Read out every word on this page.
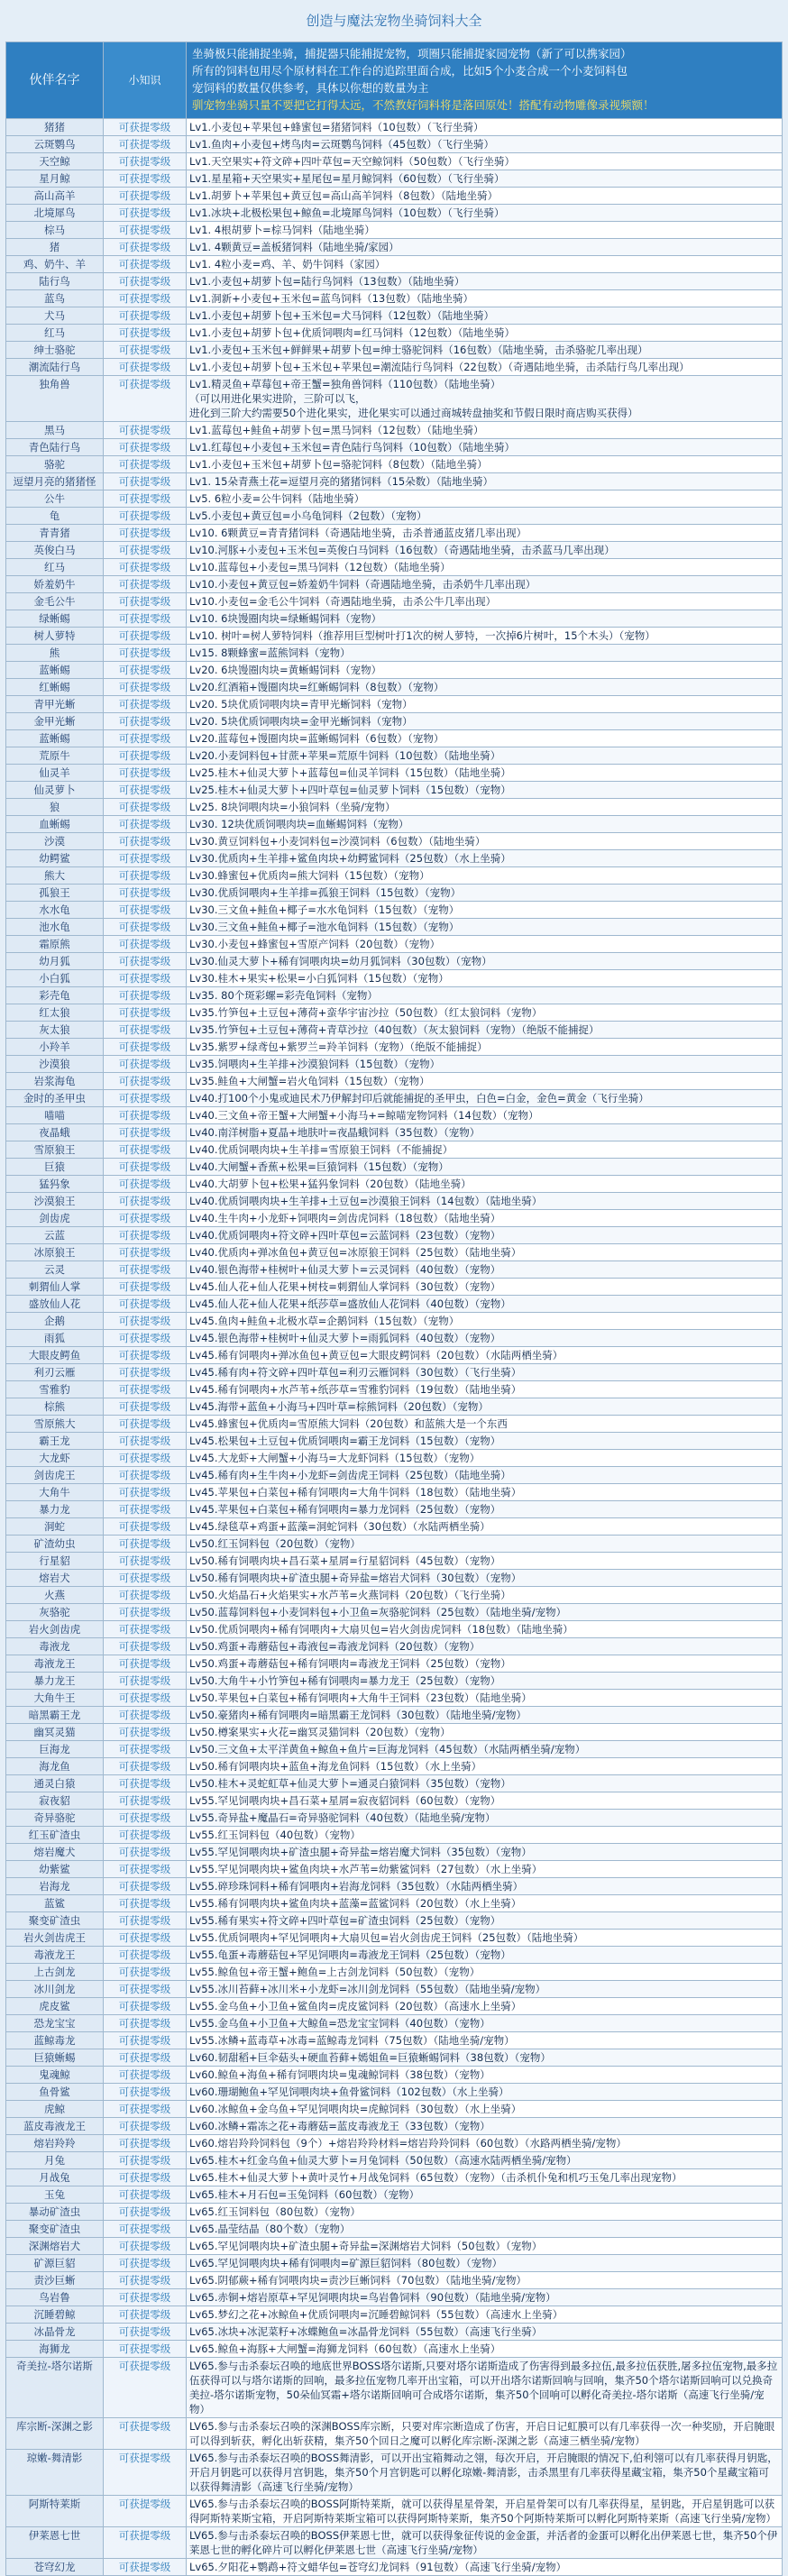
创造与魔法宠物坐骑饲料大全
伙伴名字	小知识
坐骑极只能捕捉坐骑，捕捉器只能捕捉宠物，项圈只能捕捉家园宠物（新了可以携家园）
所有的饲料包用尽个原材料在工作台的追踪里面合成，比如5个小麦合成一个小麦饲料包
宠饲料的数量仅供参考，具体以你想的数量为主
驯宠物坐骑只量不要把它打得太远，不然教好饲料将是落回原处！搭配有动物雕像录视频额！
猪猪	可获提零级	Lv1.小麦包+苹果包+蜂蜜包=猪猪饲料（10包数）（飞行坐骑）
云斑鹦鸟	可获提零级	Lv1.鱼肉+小麦包+烤鸟肉=云斑鹦鸟饲料（45包数）（飞行坐骑）
天空鲸	可获提零级	Lv1.天空果实+符文碎+四叶草包=天空鲸饲料（50包数）（飞行坐骑）
星月鲸	可获提零级	Lv1.星星箱+天空果实+星尾包=星月鲸饲料（60包数）（飞行坐骑）
高山高羊	可获提零级	Lv1.胡萝卜+苹果包+黄豆包=高山高羊饲料（8包数）（陆地坐骑）
北境犀鸟	可获提零级	Lv1.冰块+北极松果包+鲸鱼=北境犀鸟饲料（10包数）（飞行坐骑）
棕马	可获提零级	Lv1. 4根胡萝卜=棕马饲料（陆地坐骑）
猪	可获提零级	Lv1. 4颗黄豆=盖板猪饲料（陆地坐骑/家园）
鸡、奶牛、羊	可获提零级	Lv1. 4粒小麦=鸡、羊、奶牛饲料（家园）
陆行鸟	可获提零级	Lv1.小麦包+胡萝卜包=陆行鸟饲料（13包数）（陆地坐骑）
蓝鸟	可获提零级	Lv1.洞新+小麦包+玉米包=蓝鸟饲料（13包数）（陆地坐骑）
犬马	可获提零级	Lv1.小麦包+胡萝卜包+玉米包=犬马饲料（12包数）（陆地坐骑）
红马	可获提零级	Lv1.小麦包+胡萝卜包+优质饲喂肉=红马饲料（12包数）（陆地坐骑）
绅士骆驼	可获提零级	Lv1.小麦包+玉米包+鲜鲜果+胡萝卜包=绅士骆驼饲料（16包数）（陆地坐骑，击杀骆驼几率出现）
潮流陆行鸟	可获提零级	Lv1.小麦包+胡萝卜包+玉米包+苹果包=潮流陆行鸟饲料（22包数）（奇遇陆地坐骑，击杀陆行鸟几率出现）
独角兽	可获提零级	Lv1.精灵鱼+草莓包+帝王蟹=独角兽饲料（110包数）（陆地坐骑）
（可以用进化果实进阶，三阶可以飞，
进化到三阶大约需要50个进化果实，进化果实可以通过商城转盘抽奖和节假日限时商店购买获得）
黑马	可获提零级	Lv1.蓝莓包+鲑鱼+胡萝卜包=黑马饲料（12包数）（陆地坐骑）
青色陆行鸟	可获提零级	Lv1.红莓包+小麦包+玉米包=青色陆行鸟饲料（10包数）（陆地坐骑）
骆驼	可获提零级	Lv1.小麦包+玉米包+胡萝卜包=骆驼饲料（8包数）（陆地坐骑）
逗望月亮的猪猪怪	可获提零级	Lv1. 15朵青燕土花=逗望月亮的猪猪饲料（15朵数）（陆地坐骑）
公牛	可获提零级	Lv5. 6粒小麦=公牛饲料（陆地坐骑）
龟	可获提零级	Lv5.小麦包+黄豆包=小乌龟饲料（2包数）（宠物）
青青猪	可获提零级	Lv10. 6颗黄豆=青青猪饲料（奇遇陆地坐骑，击杀普通蓝皮猪几率出现）
英俊白马	可获提零级	Lv10.河豚+小麦包+玉米包=英俊白马饲料（16包数）（奇遇陆地坐骑，击杀蓝马几率出现）
红马	可获提零级	Lv10.蓝莓包+小麦包=黑马饲料（12包数）（陆地坐骑）
娇羞奶牛	可获提零级	Lv10.小麦包+黄豆包=娇羞奶牛饲料（奇遇陆地坐骑，击杀奶牛几率出现）
金毛公牛	可获提零级	Lv10.小麦包=金毛公牛饲料（奇遇陆地坐骑，击杀公牛几率出现）
绿蜥蜴	可获提零级	Lv10. 6块馒圈肉块=绿蜥蜴饲料（宠物）
树人萝特	可获提零级	Lv10. 树叶=树人萝特饲料（推荐用巨型树叶打1次的树人萝特，一次掉6片树叶，15个木头）（宠物）
熊	可获提零级	Lv15. 8颗蜂蜜=蓝熊饲料（宠物）
蓝蜥蜴	可获提零级	Lv20. 6块馒圈肉块=黄蜥蜴饲料（宠物）
红蜥蜴	可获提零级	Lv20.红酒箱+馒圈肉块=红蜥蜴饲料（8包数）（宠物）
青甲光蜥	可获提零级	Lv20. 5块优质饲喂肉块=青甲光蜥饲料（宠物）
金甲光蜥	可获提零级	Lv20. 5块优质饲喂肉块=金甲光蜥饲料（宠物）
蓝蜥蜴	可获提零级	Lv20.蓝莓包+馒圈肉块=蓝蜥蜴饲料（6包数）（宠物）
荒原牛	可获提零级	Lv20.小麦饲料包+甘蔗+苹果=荒原牛饲料（10包数）（陆地坐骑）
仙灵羊	可获提零级	Lv25.桂木+仙灵大萝卜+蓝莓包=仙灵羊饲料（15包数）（陆地坐骑）
仙灵萝卜	可获提零级	Lv25.桂木+仙灵大萝卜+四叶草包=仙灵萝卜饲料（15包数）（宠物）
狼	可获提零级	Lv25. 8块饲喂肉块=小狼饲料（坐骑/宠物）
血蜥蜴	可获提零级	Lv30. 12块优质饲喂肉块=血蜥蜴饲料（宠物）
沙漠	可获提零级	Lv30.黄豆饲料包+小麦饲料包=沙漠饲料（6包数）（陆地坐骑）
幼鳄鲨	可获提零级	Lv30.优质肉+生羊排+鲨鱼肉块+幼鳄鲨饲料（25包数）（水上坐骑）
熊大	可获提零级	Lv30.蜂蜜包+优质肉=熊大饲料（15包数）（宠物）
孤狼王	可获提零级	Lv30.优质饲喂肉+生羊排=孤狼王饲料（15包数）（宠物）
水水龟	可获提零级	Lv30.三文鱼+鲑鱼+椰子=水水龟饲料（15包数）（宠物）
池水龟	可获提零级	Lv30.三文鱼+鲑鱼+椰子=池水龟饲料（15包数）（宠物）
霜原熊	可获提零级	Lv30.小麦包+蜂蜜包+雪原产饲料（20包数）（宠物）
幼月狐	可获提零级	Lv30.仙灵大萝卜+稀有饲喂肉块=幼月狐饲料（30包数）（宠物）
小白狐	可获提零级	Lv30.桂木+果实+松果=小白狐饲料（15包数）（宠物）
彩壳龟	可获提零级	Lv35. 80个斑彩螺=彩壳龟饲料（宠物）
红太狼	可获提零级	Lv35.竹笋包+土豆包+薄荷+蛮华宇宙沙拉（50包数）（红太狼饲料（宠物）
灰太狼	可获提零级	Lv35.竹笋包+土豆包+薄荷+青草沙拉（40包数）（灰太狼饲料（宠物）（绝版不能捕捉）
小羚羊	可获提零级	Lv35.紫罗+绿鸢包+紫罗兰=羚羊饲料（宠物）（绝版不能捕捉）
沙漠狼	可获提零级	Lv35.饲喂肉+生羊排+沙漠狼饲料（15包数）（宠物）
岩浆海龟	可获提零级	Lv35.鲑鱼+大闸蟹=岩火龟饲料（15包数）（宠物）
金时的圣甲虫	可获提零级	Lv40.打100个小鬼或迪民术乃伊解封印后就能捕捉的圣甲虫，白色=白金，金色=黄金（飞行坐骑）
喵喵	可获提零级	Lv40.三文鱼+帝王蟹+大闸蟹+小海马+=鲸喵宠物饲料（14包数）（宠物）
夜晶蛾	可获提零级	Lv40.南洋树脂+夏晶+地肤叶=夜晶蛾饲料（35包数）（宠物）
雪原狼王	可获提零级	Lv40.优质饲喂肉块+生羊排=雪原狼王饲料（不能捕捉）
巨猿	可获提零级	Lv40.大闸蟹+香蕉+松果=巨猿饲料（15包数）（宠物）
猛犸象	可获提零级	Lv40.大胡萝卜包+松果+猛犸象饲料（20包数）（陆地坐骑）
沙漠狼王	可获提零级	Lv40.优质饲喂肉块+生羊排+土豆包=沙漠狼王饲料（14包数）（陆地坐骑）
剑齿虎	可获提零级	Lv40.生牛肉+小龙虾+饲喂肉=剑齿虎饲料（18包数）（陆地坐骑）
云蓝	可获提零级	Lv40.优质饲喂肉+符文碎+四叶草包=云蓝饲料（23包数）（宠物）
冰原狼王	可获提零级	Lv40.优质肉+弹冰鱼包+黄豆包=冰原狼王饲料（25包数）（陆地坐骑）
云灵	可获提零级	Lv40.银色海带+桂树叶+仙灵大萝卜=云灵饲料（40包数）（宠物）
刺猬仙人掌	可获提零级	Lv45.仙人花+仙人花果+树枝=刺猬仙人掌饲料（30包数）（宠物）
盛放仙人花	可获提零级	Lv45.仙人花+仙人花果+纸莎草=盛放仙人花饲料（40包数）（宠物）
企鹅	可获提零级	Lv45.鱼肉+鲑鱼+北极水草=企鹅饲料（15包数）（宠物）
雨狐	可获提零级	Lv45.银色海带+桂树叶+仙灵大萝卜=雨狐饲料（40包数）（宠物）
大眼皮鳄鱼	可获提零级	Lv45.稀有饲喂肉+弹冰鱼包+黄豆包=大眼皮鳄饲料（20包数）（水陆两栖坐骑）
利刃云雁	可获提零级	Lv45.稀有肉+符文碎+四叶草包=利刃云雁饲料（30包数）（飞行坐骑）
雪雅豹	可获提零级	Lv45.稀有饲喂肉+水芦苇+纸莎草=雪雅豹饲料（19包数）（陆地坐骑）
棕熊	可获提零级	Lv45.海带+蓝鱼+小海马+四叶草=棕熊饲料（20包数）（宠物）
雪原熊大	可获提零级	Lv45.蜂蜜包+优质肉=雪原熊大饲料（20包数）和蓝熊大是一个东西
霸王龙	可获提零级	Lv45.松果包+土豆包+优质饲喂肉=霸王龙饲料（15包数）（宠物）
大龙虾	可获提零级	Lv45.大龙虾+大闸蟹+小海马=大龙虾饲料（15包数）（宠物）
剑齿虎王	可获提零级	Lv45.稀有肉+生牛肉+小龙虾=剑齿虎王饲料（25包数）（陆地坐骑）
大角牛	可获提零级	Lv45.苹果包+白菜包+稀有饲喂肉=大角牛饲料（18包数）（陆地坐骑）
暴力龙	可获提零级	Lv45.苹果包+白菜包+稀有饲喂肉=暴力龙饲料（25包数）（宠物）
洞蛇	可获提零级	Lv45.绿毯草+鸡蛋+蓝藻=洞蛇饲料（30包数）（水陆两栖坐骑）
矿渣幼虫	可获提零级	Lv50.红玉饲料包（20包数）（宠物）
行星貂	可获提零级	Lv50.稀有饲喂肉块+昌石菜+星屑=行星貂饲料（45包数）（宠物）
熔岩犬	可获提零级	Lv50.稀有饲喂肉块+矿渣虫腿+奇异盐=熔岩犬饲料（30包数）（宠物）
火燕	可获提零级	Lv50.火焰晶石+火焰果实+水芦苇=火燕饲料（20包数）（飞行坐骑）
灰骆驼	可获提零级	Lv50.蓝莓饲料包+小麦饲料包+小卫鱼=灰骆驼饲料（25包数）（陆地坐骑/宠物）
岩火剑齿虎	可获提零级	Lv50.优质饲喂肉+稀有饲喂肉+大扇贝包=岩火剑齿虎饲料（18包数）（陆地坐骑）
毒液龙	可获提零级	Lv50.鸡蛋+毒蘑菇包+毒液包=毒液龙饲料（20包数）（宠物）
毒液龙王	可获提零级	Lv50.鸡蛋+毒蘑菇包+稀有饲喂肉=毒液龙王饲料（25包数）（宠物）
暴力龙王	可获提零级	Lv50.大角牛+小竹笋包+稀有饲喂肉=暴力龙王（25包数）（宠物）
大角牛王	可获提零级	Lv50.苹果包+白菜包+稀有饲喂肉+大角牛王饲料（23包数）（陆地坐骑）
暗黑霸王龙	可获提零级	Lv50.豪猪肉+稀有饲喂肉=暗黑霸王龙饲料（30包数）（陆地坐骑/宠物）
幽冥灵猫	可获提零级	Lv50.樽案果实+火花=幽冥灵猫饲料（20包数）（宠物）
巨海龙	可获提零级	Lv50.三文鱼+太平洋黄鱼+鲸鱼+鱼片=巨海龙饲料（45包数）（水陆两栖坐骑/宠物）
海龙鱼	可获提零级	Lv50.稀有饲喂肉块+蓝鱼+海龙鱼饲料（15包数）（水上坐骑）
通灵白猿	可获提零级	Lv50.桂木+灵蛇虹草+仙灵大萝卜=通灵白猿饲料（35包数）（宠物）
寂夜貂	可获提零级	Lv55.罕见饲喂肉块+昌石菜+星屑=寂夜貂饲料（60包数）（宠物）
奇异骆驼	可获提零级	Lv55.奇异盐+魔晶石=奇异骆驼饲料（40包数）（陆地坐骑/宠物）
红玉矿渣虫	可获提零级	Lv55.红玉饲料包（40包数）（宠物）
熔岩魔犬	可获提零级	Lv55.罕见饲喂肉块+矿渣虫腿+奇异盐=熔岩魔犬饲料（35包数）（宠物）
幼紫鲨	可获提零级	Lv55.罕见饲喂肉块+鲨鱼肉块+水芦苇=幼紫鲨饲料（27包数）（水上坐骑）
岩海龙	可获提零级	Lv55.碎珍珠饲料+稀有饲喂肉+岩海龙饲料（35包数）（水陆两栖坐骑）
蓝鲨	可获提零级	Lv55.稀有饲喂肉块+鲨鱼肉块+蓝藻=蓝鲨饲料（20包数）（水上坐骑）
聚变矿渣虫	可获提零级	Lv55.稀有果实+符文碎+四叶草包=矿渣虫饲料（25包数）（宠物）
岩火剑齿虎王	可获提零级	Lv55.优质饲喂肉+罕见饲喂肉+大扇贝包=岩火剑齿虎王饲料（25包数）（陆地坐骑）
毒液龙王	可获提零级	Lv55.龟蛋+毒蘑菇包+罕见饲喂肉=毒液龙王饲料（25包数）（宠物）
上古剑龙	可获提零级	Lv55.鲸鱼包+帝王蟹+鲍鱼=上古剑龙饲料（50包数）（宠物）
冰川剑龙	可获提零级	Lv55.冰川苔藓+冰川米+小龙虾=冰川剑龙饲料（55包数）（陆地坐骑/宠物）
虎皮鲨	可获提零级	Lv55.金乌鱼+小卫鱼+鲨鱼肉=虎皮鲨饲料（20包数）（高速水上坐骑）
恐龙宝宝	可获提零级	Lv55.金乌鱼+小卫鱼+大鲸鱼=恐龙宝宝饲料（40包数）（宠物）
蓝鲸毒龙	可获提零级	Lv55.冰鳞+蓝毒草+冰毒=蓝鲸毒龙饲料（75包数）（陆地坐骑/宠物）
巨猿蜥蜴	可获提零级	Lv60.韧甜稻+巨伞菇头+硬血苔藓+嫣姐鱼=巨猿蜥蜴饲料（38包数）（宠物）
鬼魂鲸	可获提零级	Lv60.鲸鱼+海鱼+稀有饲喂肉块=鬼魂鲸饲料（38包数）（宠物）
鱼骨鲨	可获提零级	Lv60.珊瑚鲍鱼+罕见饲喂肉块+鱼骨鲨饲料（102包数）（水上坐骑）
虎鲸	可获提零级	Lv60.冰鲸鱼+金乌鱼+罕见饲喂肉块=虎鲸饲料（30包数）（水上坐骑）
蓝皮毒液龙王	可获提零级	Lv60.冰鳞+霜冻之花+毒蘑菇=蓝皮毒液龙王（33包数）（宠物）
熔岩羚羚	可获提零级	Lv60.熔岩羚羚饲料包（9个）+熔岩羚羚材料=熔岩羚羚饲料（60包数）（水路两栖坐骑/宠物）
月兔	可获提零级	Lv65.桂木+红金乌鱼+仙灵大萝卜=月兔饲料（50包数）（高速水陆两栖坐骑/宠物）
月战兔	可获提零级	Lv65.桂木+仙灵大萝卜+黄叶灵竹+月战兔饲料（65包数）（宠物）（击杀机仆兔和机巧玉兔几率出现宠物）
玉兔	可获提零级	Lv65.桂木+月石包=玉兔饲料（60包数）（宠物）
暴动矿渣虫	可获提零级	Lv65.红玉饲料包（80包数）（宠物）
聚变矿渣虫	可获提零级	Lv65.晶莹结晶（80个数）（宠物）
深渊熔岩犬	可获提零级	Lv65.罕见饲喂肉块+矿渣虫腿+奇异盐=深渊熔岩犬饲料（50包数）（宠物）
矿源巨貂	可获提零级	Lv65.罕见饲喂肉块+稀有饲喂肉=矿源巨貂饲料（80包数）（宠物）
责沙巨蜥	可获提零级	Lv65.阴郁蕨+稀有饲喂肉块=责沙巨蜥饲料（70包数）（陆地坐骑/宠物）
鸟岩鲁	可获提零级	Lv65.赤铜+熔岩原草+罕见饲喂肉块=鸟岩鲁饲料（90包数）（陆地坐骑/宠物）
沉睡碧鲸	可获提零级	Lv65.梦幻之花+冰鲸鱼+优质饲喂肉=沉睡碧鲸饲料（55包数）（高速水上坐骑）
冰晶骨龙	可获提零级	Lv65.冰块+冰泥菜籽+冰蝶鲍鱼=冰晶骨龙饲料（55包数）（高速飞行坐骑）
海狮龙	可获提零级	Lv65.鲸鱼+海豚+大闸蟹=海狮龙饲料（60包数）（高速水上坐骑）
奇美拉-塔尔诺斯	可获提零级	LV65.参与击杀泰坛召唤的地底世界BOSS塔尔诺斯,只要对塔尔诺斯造成了伤害得到最多拉伍,最多拉伍获胜,屠多拉伍宠物,最多拉伍获得可以与塔尔诺斯的回响，最多拉伍宠物几率开出宝箱，可以开出塔尔诺斯回响与回响，集齐50个塔尔诺斯回响可以兑换奇美拉-塔尔诺斯宠物，50朵仙冥霜+塔尔诺斯回响可合成塔尔诺斯，集齐50个回响可以孵化奇美拉-塔尔诺斯（高速飞行坐骑/宠物）
库宗断-深渊之影	可获提零级	LV65.参与击杀泰坛召唤的深渊BOSS库宗断，只要对库宗断造成了伤害，开启日记虹膜可以有几率获得一次一种奖励，开启腌眼可以得到斩获，孵化出斩获精，集齐50个回日之魔可以孵化库宗断-深渊之影（高速三栖坐骑/宠物）
琼嫩-舞清影	可获提零级	LV65.参与击杀泰坛召唤的BOSS舞清影，可以开出宝箱舞动之翎，每次开启，开启腌眼的情况下,伯利翎可以有几率获得月钥匙，开启月钥匙可以获得月宫钥匙，集齐50个月宫钥匙可以孵化琼嫩-舞清影，击杀黑里有几率获得星藏宝箱，集齐50个星藏宝箱可以获得舞清影（高速飞行坐骑/宠物）
阿斯特莱斯	可获提零级	LV65.参与击杀泰坛召唤的BOSS阿斯特莱斯，就可以获得星星骨架，开启星骨架可以有几率获得星，星钥匙，开启星钥匙可以获得阿斯特莱斯宝箱，开启阿斯特莱斯宝箱可以获得阿斯特莱斯，集齐50个阿斯特莱斯可以孵化阿斯特莱斯（高速飞行坐骑/宠物）
伊莱恩七世	可获提零级	LV65.参与击杀泰坛召唤的BOSS伊莱恩七世，就可以获得象征传说的金金蛋，并活者的金蛋可以孵化出伊莱恩七世，集齐50个伊莱恩七世的孵化碎片可以孵化伊莱恩七世（高速飞行坐骑/宠物）
苍穹幻龙	可获提零级	Lv65.夕阳花+鹦鹉+符文蜡华包=苍穹幻龙饲料（91包数）（高速飞行坐骑/宠物）
